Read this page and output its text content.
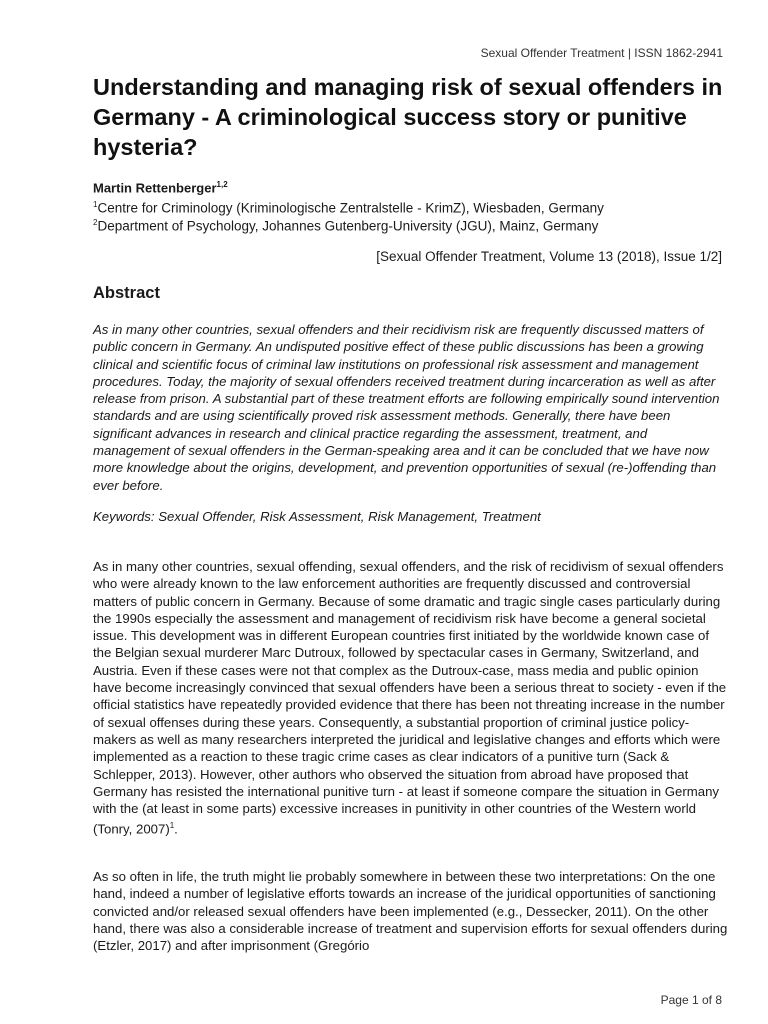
Sexual Offender Treatment | ISSN 1862-2941
Understanding and managing risk of sexual offenders in Germany - A criminological success story or punitive hysteria?
Martin Rettenberger$^{1,2}$
$^1$Centre for Criminology (Kriminologische Zentralstelle - KrimZ), Wiesbaden, Germany
$^2$Department of Psychology, Johannes Gutenberg-University (JGU), Mainz, Germany
[Sexual Offender Treatment, Volume 13 (2018), Issue 1/2]
Abstract

As in many other countries, sexual offenders and their recidivism risk are frequently discussed matters of public concern in Germany. An undisputed positive effect of these public discussions has been a growing clinical and scientific focus of criminal law institutions on professional risk assessment and management procedures. Today, the majority of sexual offenders received treatment during incarceration as well as after release from prison. A substantial part of these treatment efforts are following empirically sound intervention standards and are using scientifically proved risk assessment methods. Generally, there have been significant advances in research and clinical practice regarding the assessment, treatment, and management of sexual offenders in the German-speaking area and it can be concluded that we have now more knowledge about the origins, development, and prevention opportunities of sexual (re-)offending than ever before.

Keywords: Sexual Offender, Risk Assessment, Risk Management, Treatment

As in many other countries, sexual offending, sexual offenders, and the risk of recidivism of sexual offenders who were already known to the law enforcement authorities are frequently discussed and controversial matters of public concern in Germany. Because of some dramatic and tragic single cases particularly during the 1990s especially the assessment and management of recidivism risk have become a general societal issue. This development was in different European countries first initiated by the worldwide known case of the Belgian sexual murderer Marc Dutroux, followed by spectacular cases in Germany, Switzerland, and Austria. Even if these cases were not that complex as the Dutroux-case, mass media and public opinion have become increasingly convinced that sexual offenders have been a serious threat to society - even if the official statistics have repeatedly provided evidence that there has been not threating increase in the number of sexual offenses during these years. Consequently, a substantial proportion of criminal justice policy-makers as well as many researchers interpreted the juridical and legislative changes and efforts which were implemented as a reaction to these tragic crime cases as clear indicators of a punitive turn (Sack & Schlepper, 2013). However, other authors who observed the situation from abroad have proposed that Germany has resisted the international punitive turn - at least if someone compare the situation in Germany with the (at least in some parts) excessive increases in punitivity in other countries of the Western world (Tonry, 2007)$^1$.

As so often in life, the truth might lie probably somewhere in between these two interpretations: On the one hand, indeed a number of legislative efforts towards an increase of the juridical opportunities of sanctioning convicted and/or released sexual offenders have been implemented (e.g., Dessecker, 2011). On the other hand, there was also a considerable increase of treatment and supervision efforts for sexual offenders during (Etzler, 2017) and after imprisonment (Gregório

Page 1 of 8
